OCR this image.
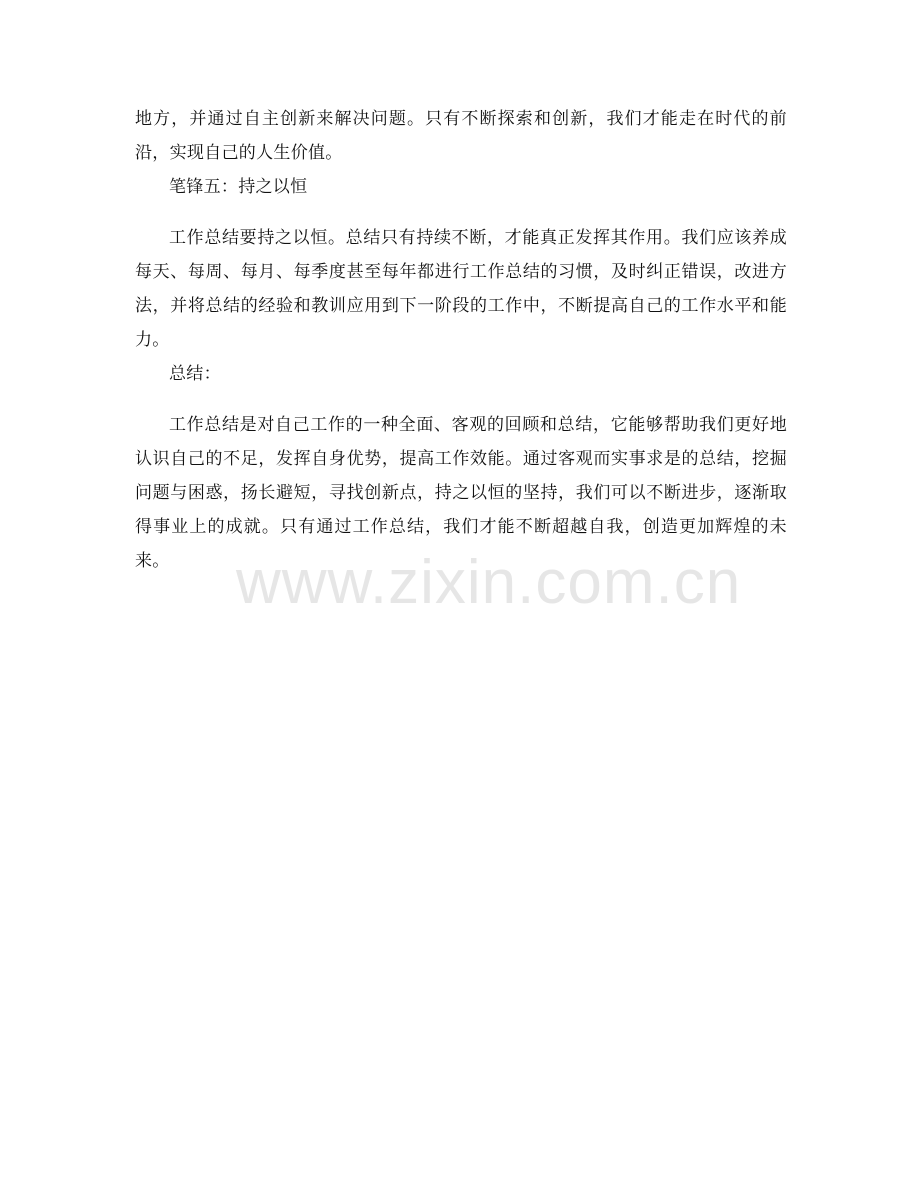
地方，并通过自主创新来解决问题。只有不断探索和创新，我们才能走在时代的前沿，实现自己的人生价值。

笔锋五：持之以恒

工作总结要持之以恒。总结只有持续不断，才能真正发挥其作用。我们应该养成每天、每周、每月、每季度甚至每年都进行工作总结的习惯，及时纠正错误，改进方法，并将总结的经验和教训应用到下一阶段的工作中，不断提高自己的工作水平和能力。

总结：

工作总结是对自己工作的一种全面、客观的回顾和总结，它能够帮助我们更好地认识自己的不足，发挥自身优势，提高工作效能。通过客观而实事求是的总结，挖掘问题与困惑，扬长避短，寻找创新点，持之以恒的坚持，我们可以不断进步，逐渐取得事业上的成就。只有通过工作总结，我们才能不断超越自我，创造更加辉煌的未来。	www.zixin.com.cn
